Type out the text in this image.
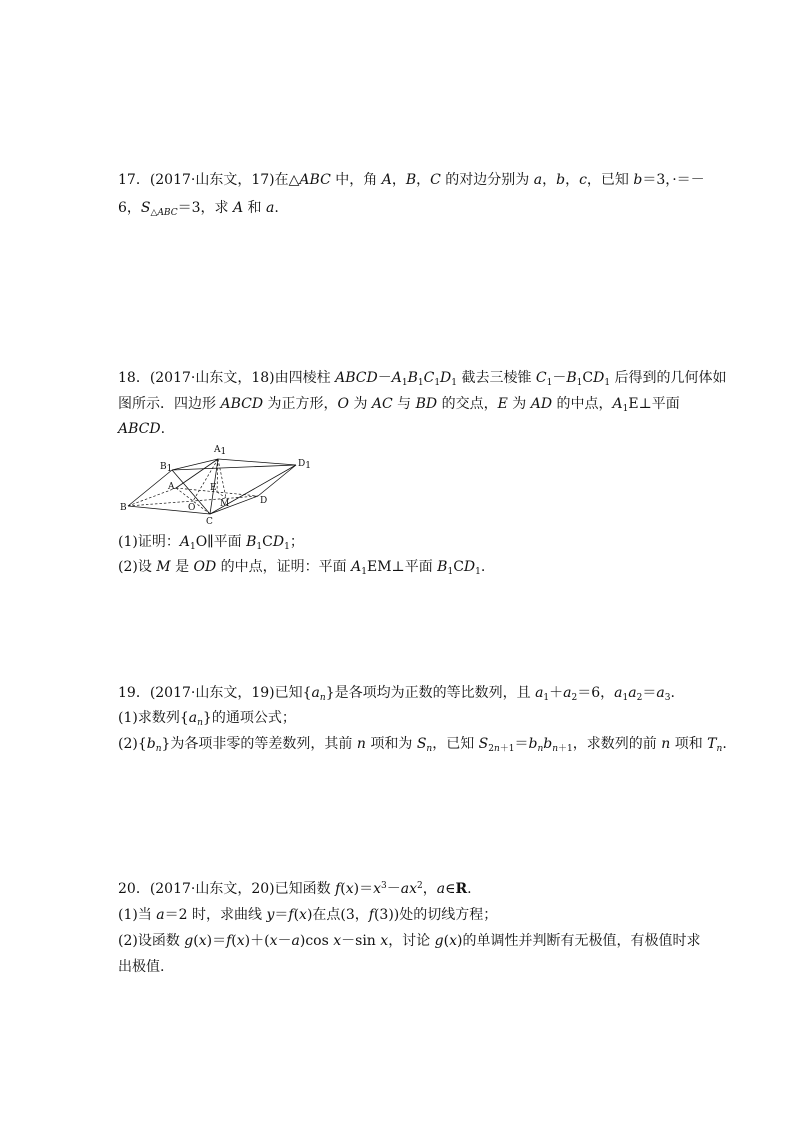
17．(2017·山东文，17)在△ABC 中，角 A，B，C 的对边分别为 a，b，c，已知 b＝3，·＝－
6，$S_{\triangle ABC}=3$，求 A 和 a.
18．(2017·山东文，18)由四棱柱 $ABCD-A_1B_1C_1D_1$ 截去三棱锥 $C_1-B_1CD_1$ 后得到的几何体如
图所示．四边形 ABCD 为正方形，O 为 AC 与 BD 的交点，E 为 AD 的中点，$A_1E\perp$平面
ABCD.
A1
B1	D1
A	E
B	O	M	D
C
(1)证明：$A_1O\parallel$平面 $B_1CD_1$；
(2)设 M 是 OD 的中点，证明：平面 $A_1EM\perp$平面 $B_1CD_1$.
19．(2017·山东文，19)已知$\{a_n\}$是各项均为正数的等比数列，且 $a_1+a_2=6$，$a_1a_2=a_3$.
(1)求数列$\{a_n\}$的通项公式；
$(2)\{b_n\}$为各项非零的等差数列，其前 n 项和为 $S_n$，已知 $S_{2n+1}=b_nb_{n+1}$，求数列的前 n 项和 $T_n$.
20．(2017·山东文，20)已知函数 $f(x)=x^3-ax^2$，a∈R.
(1)当 a＝2 时，求曲线 y＝f(x)在点(3，f(3))处的切线方程；
(2)设函数 g(x)＝f(x)＋(x－a)cos x－sin x，讨论 g(x)的单调性并判断有无极值，有极值时求
出极值.
